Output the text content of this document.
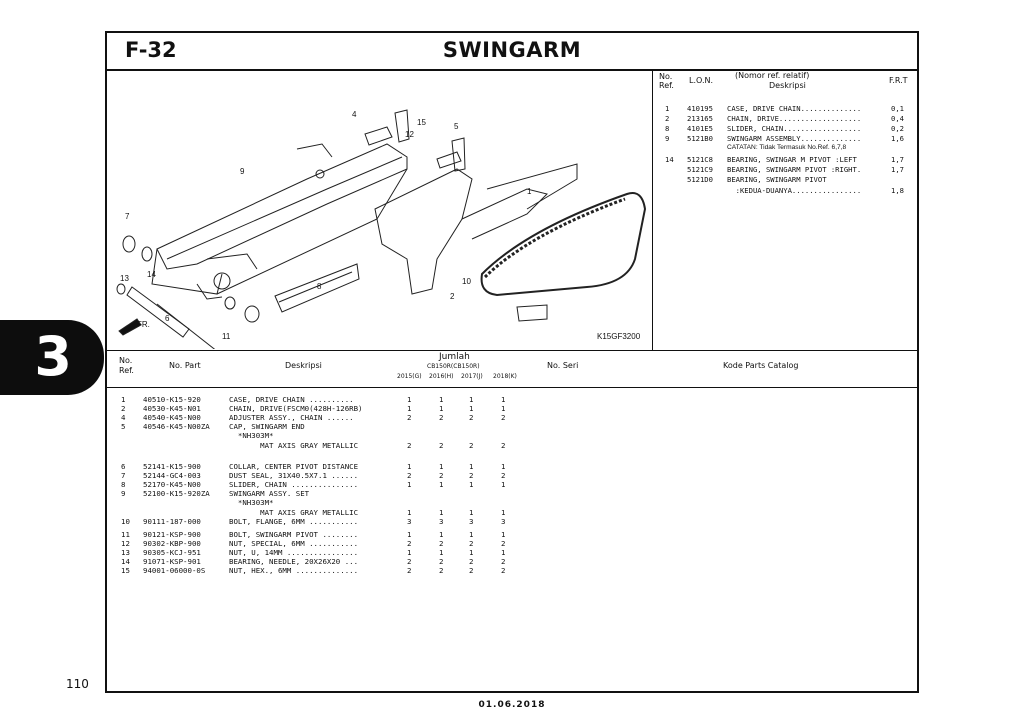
3
110
01.06.2018
F-32	SWINGARM
1
2
4
5
6
7
8
9
10
11
12
13 14
15
FR.
K15GF3200
No.
Ref.
L.O.N.
(Nomor ref. relatif)
Deskripsi
F.R.T
1 410195 CASE, DRIVE CHAIN..............	0,1
2 213165 CHAIN, DRIVE...................	0,4
8 4101E5 SLIDER, CHAIN..................	0,2
9 5121B0 SWINGARM ASSEMBLY..............	1,6
CATATAN: Tidak Termasuk No.Ref. 6,7,8
14 5121C8 BEARING, SWINGAR M PIVOT :LEFT	1,7
5121C9 BEARING, SWINGARM PIVOT :RIGHT.	1,7
5121D0 BEARING, SWINGARM PIVOT
:KEDUA-DUANYA................	1,8
No.
Ref.
No. Part	Deskripsi
Jumlah
CB150R(CB150R)
2015(G) 2016(H) 2017(J) 2018(K)
No. Seri	Kode Parts Catalog
1 40510-K15-920	CASE, DRIVE CHAIN ..........	1	1	1	1
2 40530-K45-N01	CHAIN, DRIVE(FSCM0(428H-126RB)	1	1	1	1
4 40540-K45-N00	ADJUSTER ASSY., CHAIN ......	2	2	2	2
5 40546-K45-N00ZA	CAP, SWINGARM END
*NH303M*
MAT AXIS GRAY METALLIC	2	2	2	2
6 52141-K15-900	COLLAR, CENTER PIVOT DISTANCE	1	1	1	1
7 52144-GC4-003	DUST SEAL, 31X40.5X7.1 ......	2	2	2	2
8 52170-K45-N00	SLIDER, CHAIN ...............	1	1	1	1
9 52100-K15-920ZA	SWINGARM ASSY. SET
*NH303M*
MAT AXIS GRAY METALLIC	1	1	1	1
10 90111-187-000	BOLT, FLANGE, 6MM ...........	3	3	3	3
11 90121-KSP-900	BOLT, SWINGARM PIVOT ........	1	1	1	1
12 90302-KBP-900	NUT, SPECIAL, 6MM ...........	2	2	2	2
13 90305-KCJ-951	NUT, U, 14MM ................	1	1	1	1
14 91071-KSP-901	BEARING, NEEDLE, 20X26X20 ...	2	2	2	2
15 94001-06000-0S	NUT, HEX., 6MM ..............	2	2	2	2
